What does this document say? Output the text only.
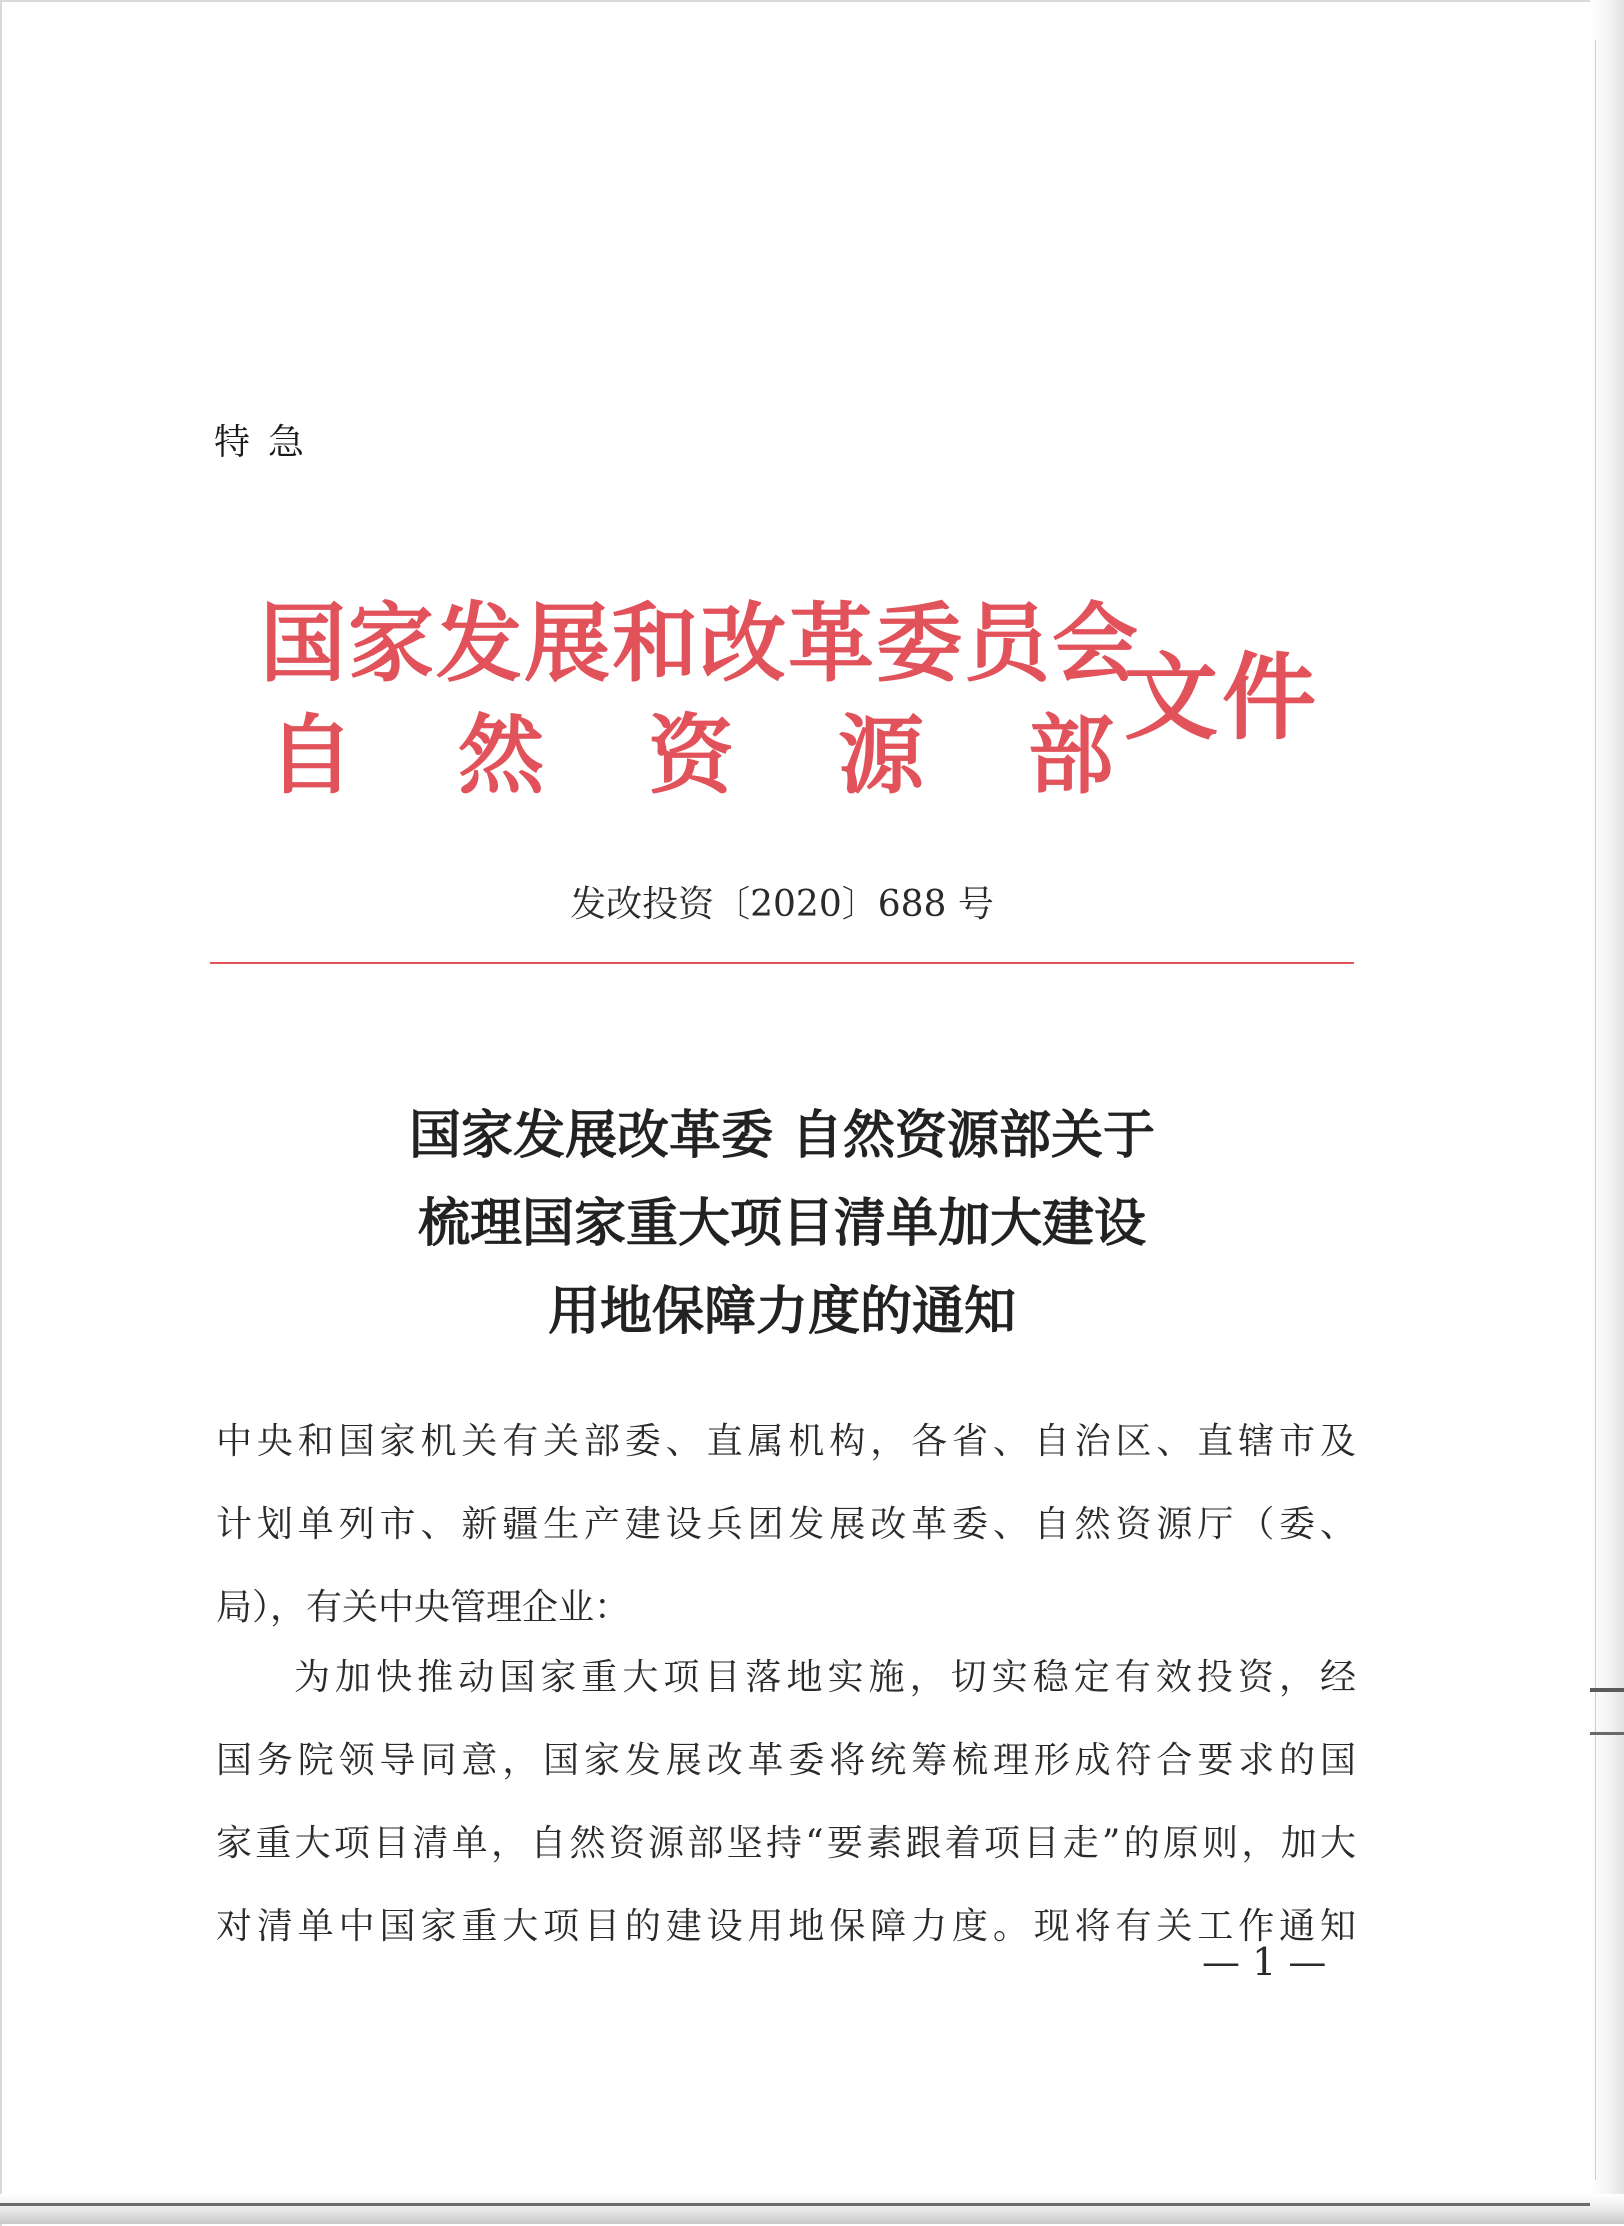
特急
国家发展和改革委员会
自然资源部
文件
发改投资〔2020〕688 号
国家发展改革委 自然资源部关于
梳理国家重大项目清单加大建设
用地保障力度的通知
中央和国家机关有关部委、直属机构，各省、自治区、直辖市及
计划单列市、新疆生产建设兵团发展改革委、自然资源厅（委、
局），有关中央管理企业：
为加快推动国家重大项目落地实施，切实稳定有效投资，经
国务院领导同意，国家发展改革委将统筹梳理形成符合要求的国
家重大项目清单，自然资源部坚持“要素跟着项目走”的原则，加大
对清单中国家重大项目的建设用地保障力度。现将有关工作通知
— 1 —
